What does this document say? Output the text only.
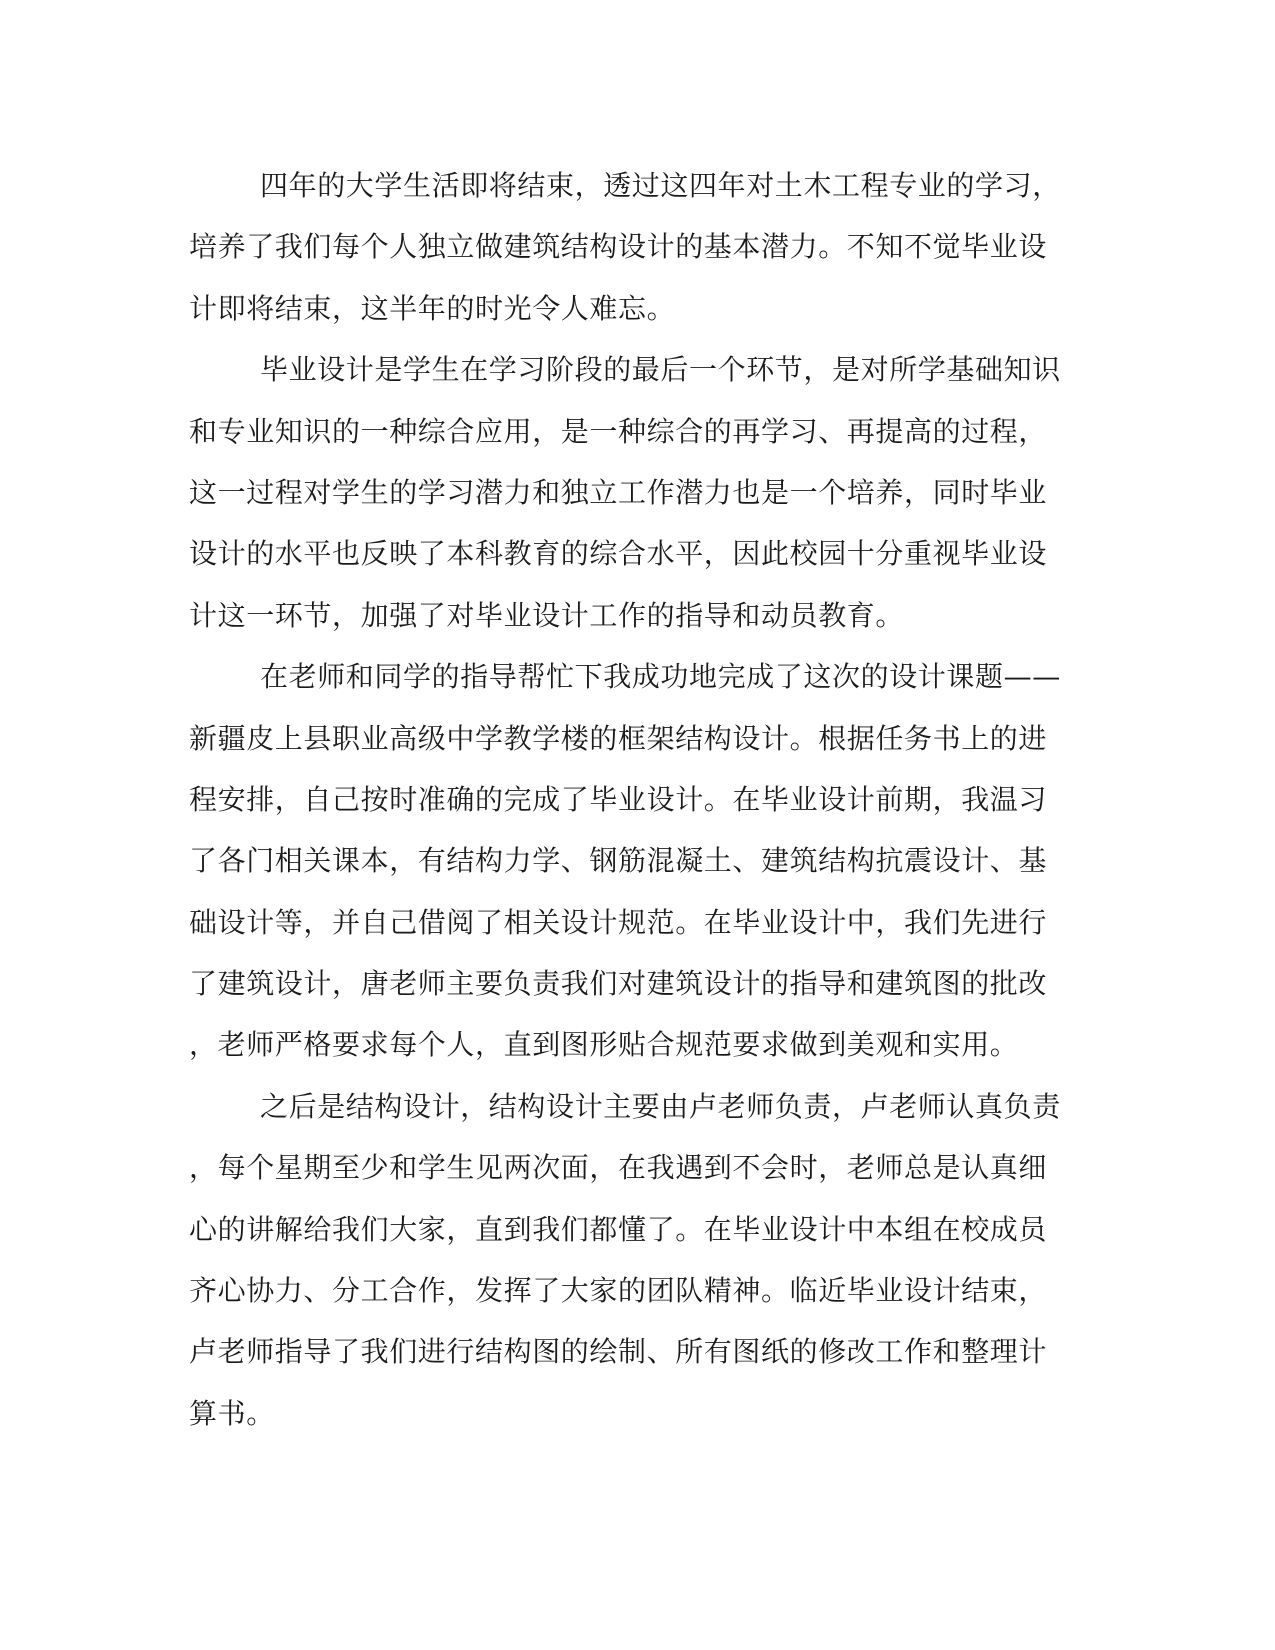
四年的大学生活即将结束，透过这四年对土木工程专业的学习，
培养了我们每个人独立做建筑结构设计的基本潜力。不知不觉毕业设
计即将结束，这半年的时光令人难忘。

毕业设计是学生在学习阶段的最后一个环节，是对所学基础知识
和专业知识的一种综合应用，是一种综合的再学习、再提高的过程，
这一过程对学生的学习潜力和独立工作潜力也是一个培养，同时毕业
设计的水平也反映了本科教育的综合水平，因此校园十分重视毕业设
计这一环节，加强了对毕业设计工作的指导和动员教育。

在老师和同学的指导帮忙下我成功地完成了这次的设计课题——
新疆皮上县职业高级中学教学楼的框架结构设计。根据任务书上的进
程安排，自己按时准确的完成了毕业设计。在毕业设计前期，我温习
了各门相关课本，有结构力学、钢筋混凝土、建筑结构抗震设计、基
础设计等，并自己借阅了相关设计规范。在毕业设计中，我们先进行
了建筑设计，唐老师主要负责我们对建筑设计的指导和建筑图的批改
，老师严格要求每个人，直到图形贴合规范要求做到美观和实用。

之后是结构设计，结构设计主要由卢老师负责，卢老师认真负责
，每个星期至少和学生见两次面，在我遇到不会时，老师总是认真细
心的讲解给我们大家，直到我们都懂了。在毕业设计中本组在校成员
齐心协力、分工合作，发挥了大家的团队精神。临近毕业设计结束，
卢老师指导了我们进行结构图的绘制、所有图纸的修改工作和整理计
算书。
